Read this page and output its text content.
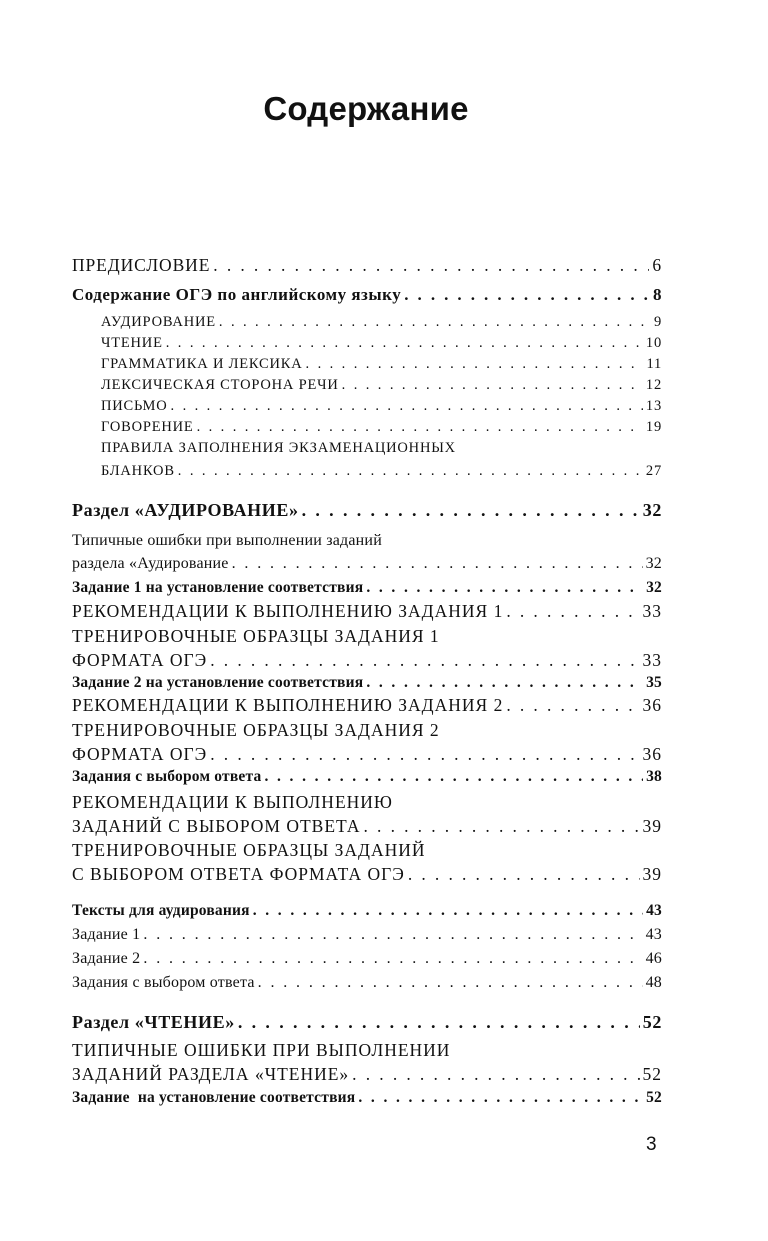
Содержание
ПРЕДИСЛОВИЕ . . .	6
Содержание ОГЭ по английскому языку . . .	8
АУДИРОВАНИЕ . . .	9
ЧТЕНИЕ . . .	10
ГРАММАТИКА И ЛЕКСИКА . . .	11
ЛЕКСИЧЕСКАЯ СТОРОНА РЕЧИ . . .	12
ПИСЬМО . . .	13
ГОВОРЕНИЕ . . .	19
ПРАВИЛА ЗАПОЛНЕНИЯ ЭКЗАМЕНАЦИОННЫХ
БЛАНКОВ . . .	27
Раздел «АУДИРОВАНИЕ» . . .	32
Типичные ошибки при выполнении заданий
раздела «Аудирование . . .	32
Задание 1 на установление соответствия . . .	32
РЕКОМЕНДАЦИИ К ВЫПОЛНЕНИЮ ЗАДАНИЯ 1 . . .	33
ТРЕНИРОВОЧНЫЕ ОБРАЗЦЫ ЗАДАНИЯ 1
ФОРМАТА ОГЭ . . .	33
Задание 2 на установление соответствия . . .	35
РЕКОМЕНДАЦИИ К ВЫПОЛНЕНИЮ ЗАДАНИЯ 2 . . .	36
ТРЕНИРОВОЧНЫЕ ОБРАЗЦЫ ЗАДАНИЯ 2
ФОРМАТА ОГЭ . . .	36
Задания с выбором ответа . . .	38
РЕКОМЕНДАЦИИ К ВЫПОЛНЕНИЮ
ЗАДАНИЙ С ВЫБОРОМ ОТВЕТА . . .	39
ТРЕНИРОВОЧНЫЕ ОБРАЗЦЫ ЗАДАНИЙ
С ВЫБОРОМ ОТВЕТА ФОРМАТА ОГЭ . . .	39
Тексты для аудирования . . .	43
Задание 1 . . .	43
Задание 2 . . .	46
Задания с выбором ответа . . .	48
Раздел «ЧТЕНИЕ» . . .	52
ТИПИЧНЫЕ ОШИБКИ ПРИ ВЫПОЛНЕНИИ
ЗАДАНИЙ РАЗДЕЛА «ЧТЕНИЕ» . . .	52
Задание  на установление соответствия . . .	52
3
